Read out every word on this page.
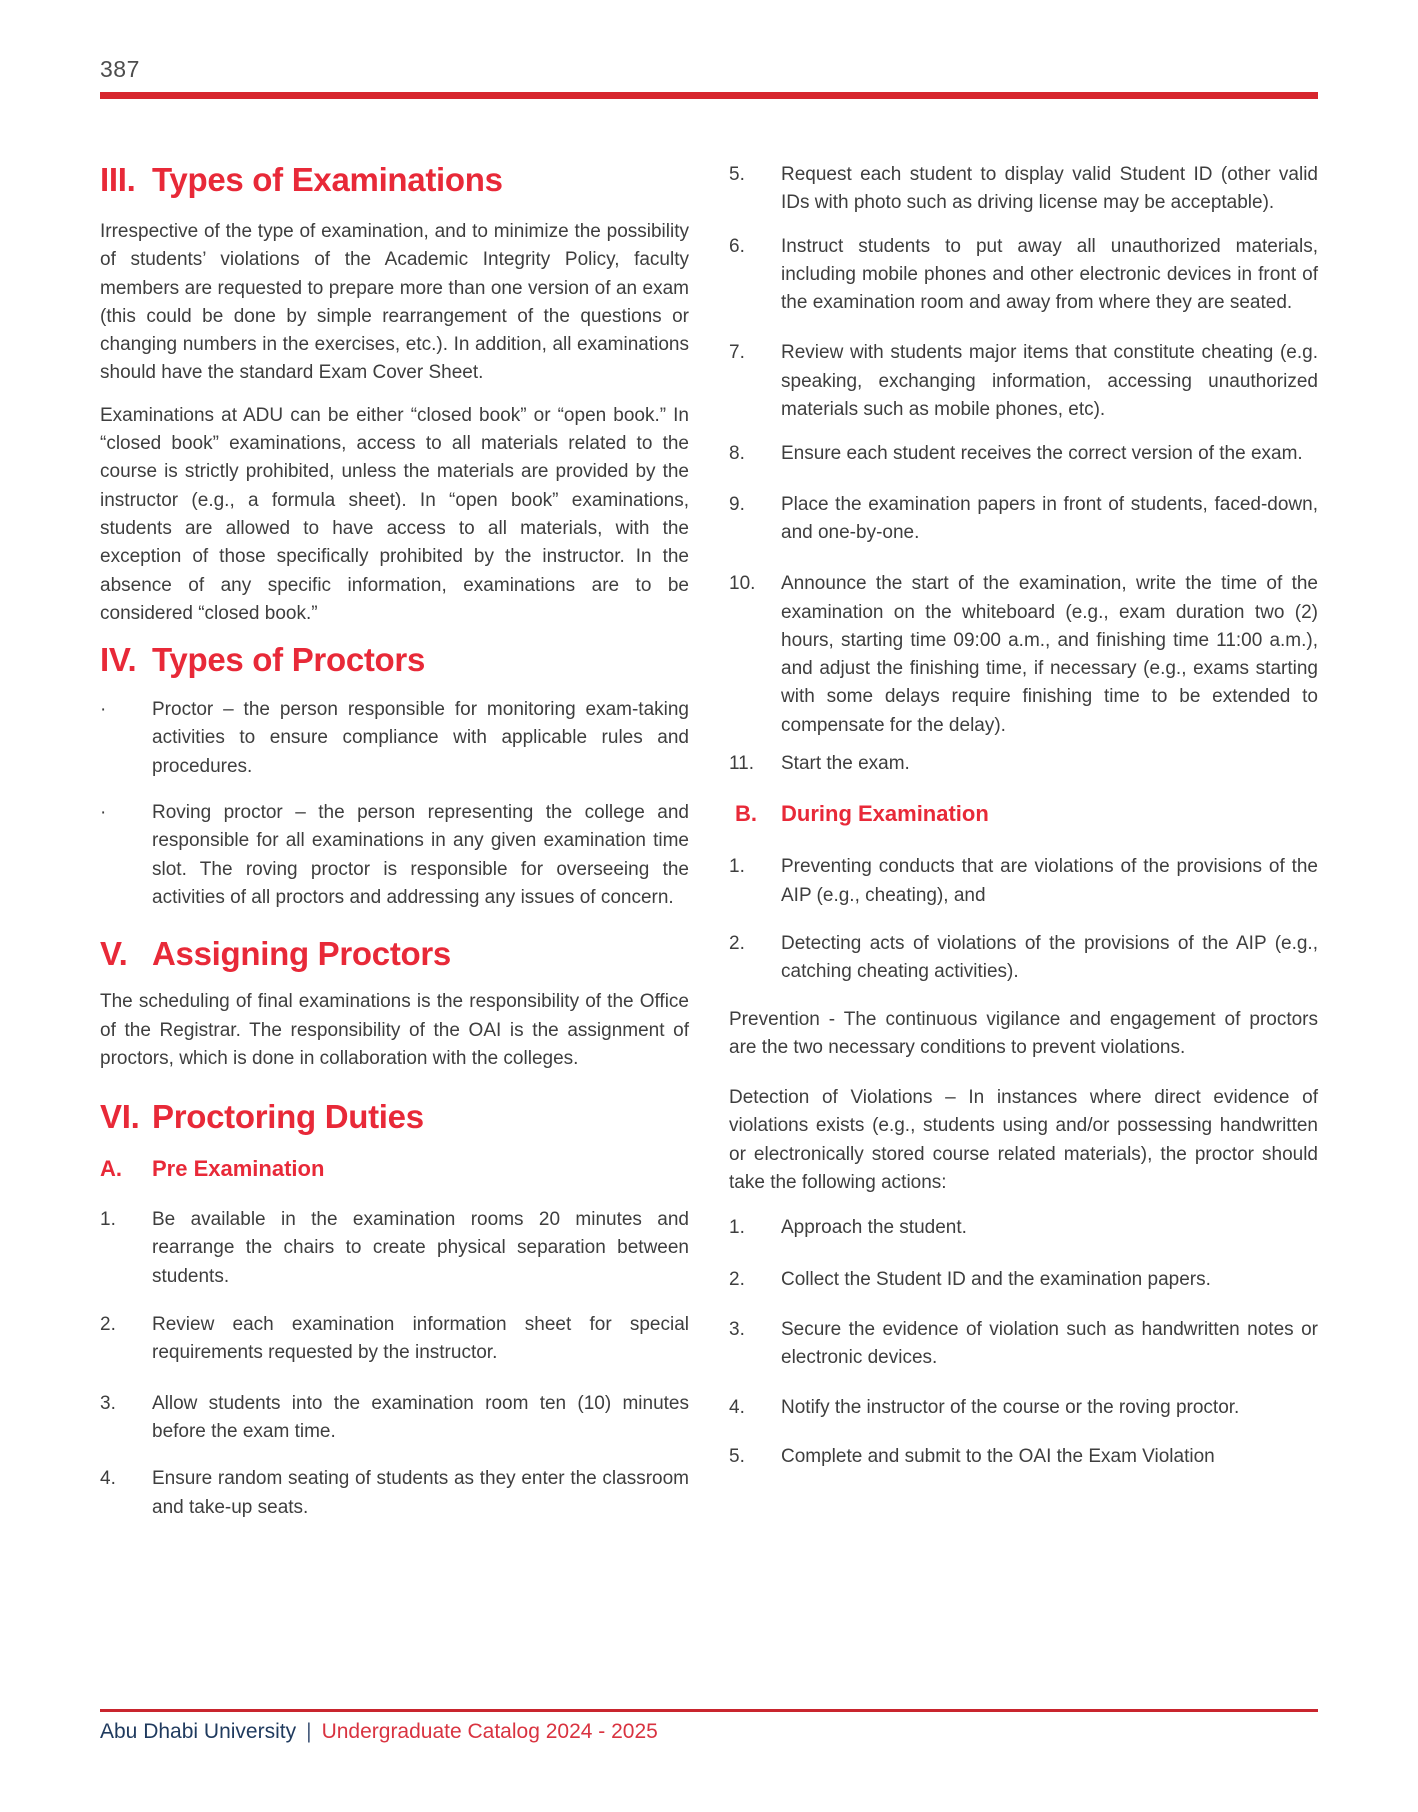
387
III. Types of Examinations

Irrespective of the type of examination, and to minimize the possibility of students’ violations of the Academic Integrity Policy, faculty members are requested to prepare more than one version of an exam (this could be done by simple rearrangement of the questions or changing numbers in the exercises, etc.). In addition, all examinations should have the standard Exam Cover Sheet.

Examinations at ADU can be either “closed book” or “open book.” In “closed book” examinations, access to all materials related to the course is strictly prohibited, unless the materials are provided by the instructor (e.g., a formula sheet). In “open book” examinations, students are allowed to have access to all materials, with the exception of those specifically prohibited by the instructor. In the absence of any specific information, examinations are to be considered “closed book.”

IV. Types of Proctors
·	Proctor – the person responsible for monitoring exam-taking activities to ensure compliance with applicable rules and procedures.
·	Roving proctor – the person representing the college and responsible for all examinations in any given examination time slot. The roving proctor is responsible for overseeing the activities of all proctors and addressing any issues of concern.
V. Assigning Proctors

The scheduling of final examinations is the responsibility of the Office of the Registrar. The responsibility of the OAI is the assignment of proctors, which is done in collaboration with the colleges.

VI. Proctoring Duties
A.	Pre Examination
1.	Be available in the examination rooms 20 minutes and rearrange the chairs to create physical separation between students.
2.	Review each examination information sheet for special requirements requested by the instructor.
3.	Allow students into the examination room ten (10) minutes before the exam time.
4.	Ensure random seating of students as they enter the classroom and take-up seats.
5.	Request each student to display valid Student ID (other valid IDs with photo such as driving license may be acceptable).
6.	Instruct students to put away all unauthorized materials, including mobile phones and other electronic devices in front of the examination room and away from where they are seated.
7.	Review with students major items that constitute cheating (e.g. speaking, exchanging information, accessing unauthorized materials such as mobile phones, etc).
8.	Ensure each student receives the correct version of the exam.
9.	Place the examination papers in front of students, faced-down, and one-by-one.
10.	Announce the start of the examination, write the time of the examination on the whiteboard (e.g., exam duration two (2) hours, starting time 09:00 a.m., and finishing time 11:00 a.m.), and adjust the finishing time, if necessary (e.g., exams starting with some delays require finishing time to be extended to compensate for the delay).
11.	Start the exam.
B.	During Examination
1.	Preventing conducts that are violations of the provisions of the AIP (e.g., cheating), and
2.	Detecting acts of violations of the provisions of the AIP (e.g., catching cheating activities).

Prevention - The continuous vigilance and engagement of proctors are the two necessary conditions to prevent violations.

Detection of Violations – In instances where direct evidence of violations exists (e.g., students using and/or possessing handwritten or electronically stored course related materials), the proctor should take the following actions:

1.	Approach the student.
2.	Collect the Student ID and the examination papers.
3.	Secure the evidence of violation such as handwritten notes or electronic devices.
4.	Notify the instructor of the course or the roving proctor.
5.	Complete and submit to the OAI the Exam Violation
Abu Dhabi University | Undergraduate Catalog 2024 - 2025
